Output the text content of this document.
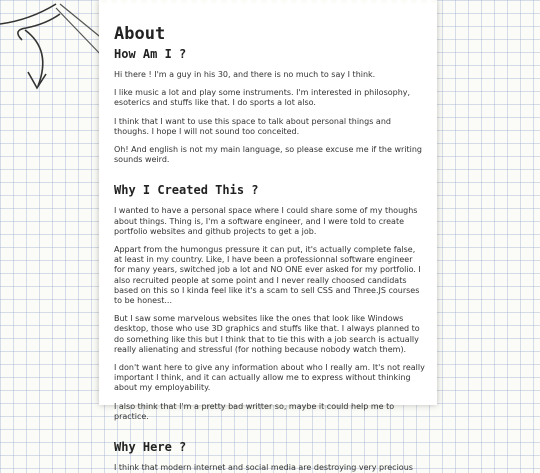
About
How Am I ?

Hi there ! I'm a guy in his 30, and there is no much to say I think.

I like music a lot and play some instruments. I'm interested in philosophy, esoterics and stuffs like that. I do sports a lot also.

I think that I want to use this space to talk about personal things and thoughs. I hope I will not sound too conceited.

Oh! And english is not my main language, so please excuse me if the writing sounds weird.

Why I Created This ?

I wanted to have a personal space where I could share some of my thoughs about things. Thing is, I'm a software engineer, and I were told to create portfolio websites and github projects to get a job.

Appart from the humongus pressure it can put, it's actually complete false, at least in my country. Like, I have been a professionnal software engineer for many years, switched job a lot and NO ONE ever asked for my portfolio. I also recruited people at some point and I never really choosed candidats based on this so I kinda feel like it's a scam to sell CSS and Three.JS courses to be honest...

But I saw some marvelous websites like the ones that look like Windows desktop, those who use 3D graphics and stuffs like that. I always planned to do something like this but I think that to tie this with a job search is actually really alienating and stressful (for nothing because nobody watch them).

I don't want here to give any information about who I really am. It's not really important I think, and it can actually allow me to express without thinking about my employability.

I also think that I'm a pretty bad writter so, maybe it could help me to practice.

Why Here ?

I think that modern internet and social media are destroying very precious
